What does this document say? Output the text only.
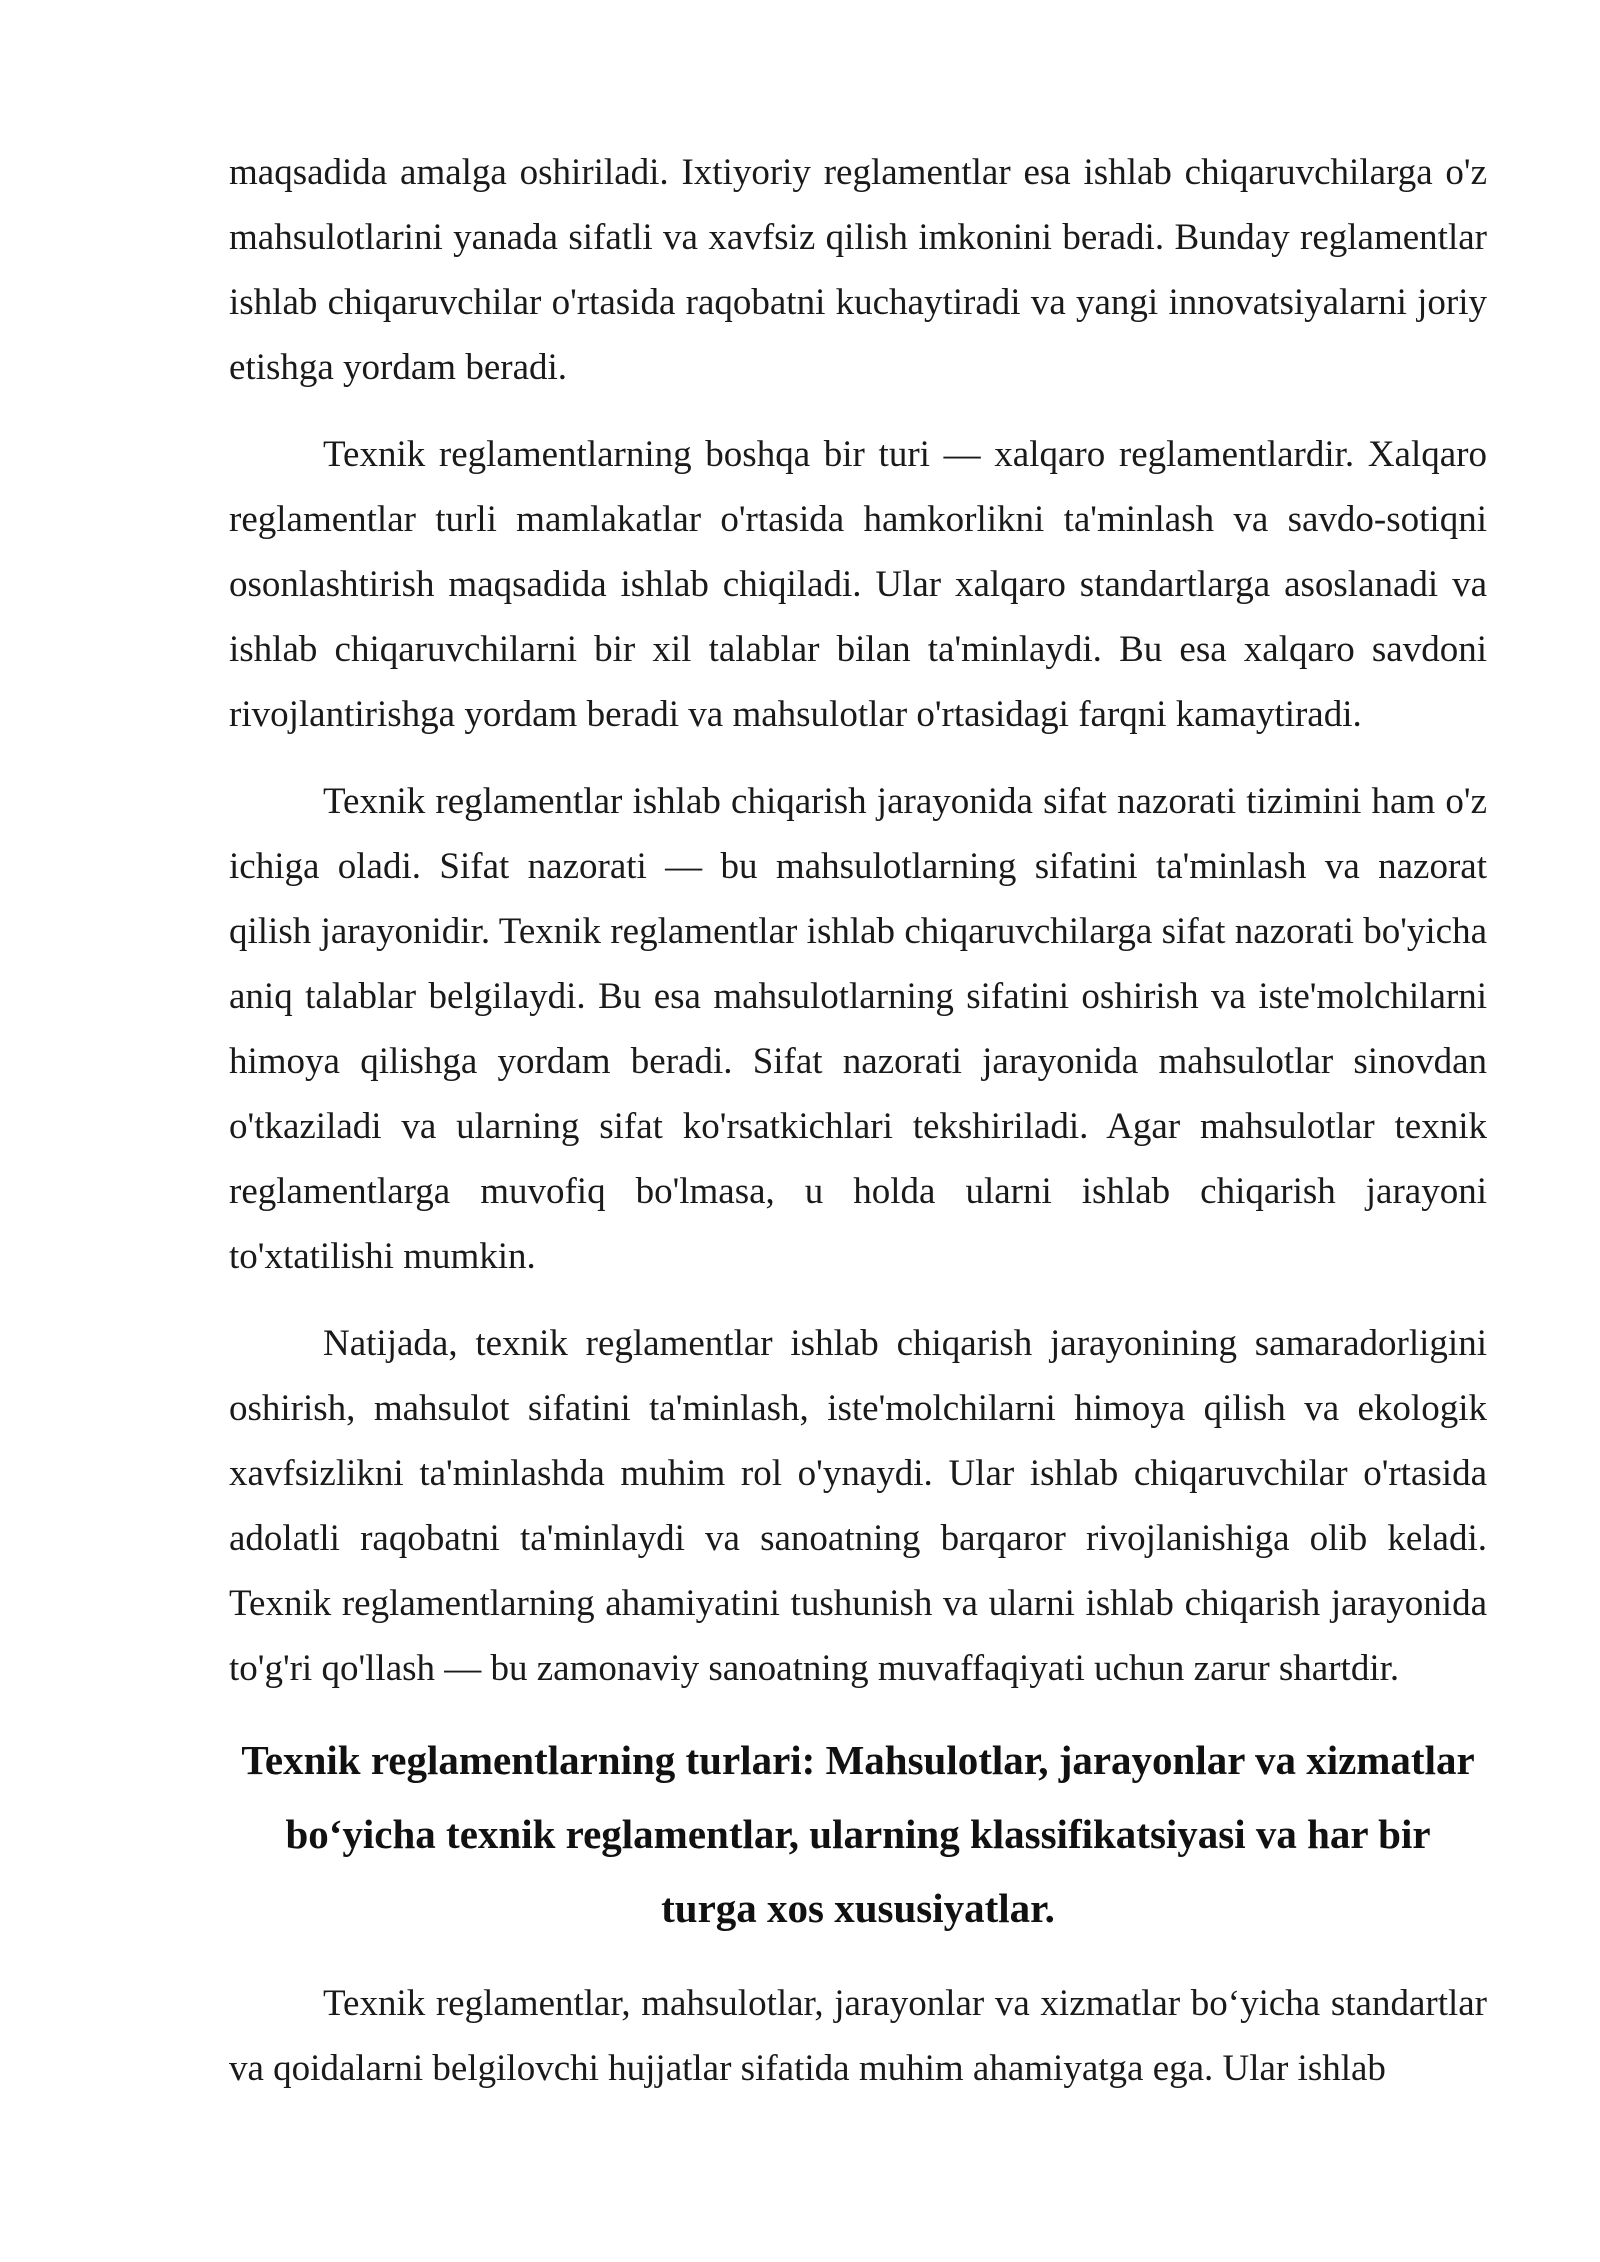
maqsadida amalga oshiriladi. Ixtiyoriy reglamentlar esa ishlab chiqaruvchilarga o'z mahsulotlarini yanada sifatli va xavfsiz qilish imkonini beradi. Bunday reglamentlar ishlab chiqaruvchilar o'rtasida raqobatni kuchaytiradi va yangi innovatsiyalarni joriy etishga yordam beradi.

Texnik reglamentlarning boshqa bir turi — xalqaro reglamentlardir. Xalqaro reglamentlar turli mamlakatlar o'rtasida hamkorlikni ta'minlash va savdo-sotiqni osonlashtirish maqsadida ishlab chiqiladi. Ular xalqaro standartlarga asoslanadi va ishlab chiqaruvchilarni bir xil talablar bilan ta'minlaydi. Bu esa xalqaro savdoni rivojlantirishga yordam beradi va mahsulotlar o'rtasidagi farqni kamaytiradi.

Texnik reglamentlar ishlab chiqarish jarayonida sifat nazorati tizimini ham o'z ichiga oladi. Sifat nazorati — bu mahsulotlarning sifatini ta'minlash va nazorat qilish jarayonidir. Texnik reglamentlar ishlab chiqaruvchilarga sifat nazorati bo'yicha aniq talablar belgilaydi. Bu esa mahsulotlarning sifatini oshirish va iste'molchilarni himoya qilishga yordam beradi. Sifat nazorati jarayonida mahsulotlar sinovdan o'tkaziladi va ularning sifat ko'rsatkichlari tekshiriladi. Agar mahsulotlar texnik reglamentlarga muvofiq bo'lmasa, u holda ularni ishlab chiqarish jarayoni to'xtatilishi mumkin.

Natijada, texnik reglamentlar ishlab chiqarish jarayonining samaradorligini oshirish, mahsulot sifatini ta'minlash, iste'molchilarni himoya qilish va ekologik xavfsizlikni ta'minlashda muhim rol o'ynaydi. Ular ishlab chiqaruvchilar o'rtasida adolatli raqobatni ta'minlaydi va sanoatning barqaror rivojlanishiga olib keladi. Texnik reglamentlarning ahamiyatini tushunish va ularni ishlab chiqarish jarayonida to'g'ri qo'llash — bu zamonaviy sanoatning muvaffaqiyati uchun zarur shartdir.

Texnik reglamentlarning turlari: Mahsulotlar, jarayonlar va xizmatlar bo‘yicha texnik reglamentlar, ularning klassifikatsiyasi va har bir turga xos xususiyatlar.

Texnik reglamentlar, mahsulotlar, jarayonlar va xizmatlar bo‘yicha standartlar va qoidalarni belgilovchi hujjatlar sifatida muhim ahamiyatga ega. Ular ishlab
